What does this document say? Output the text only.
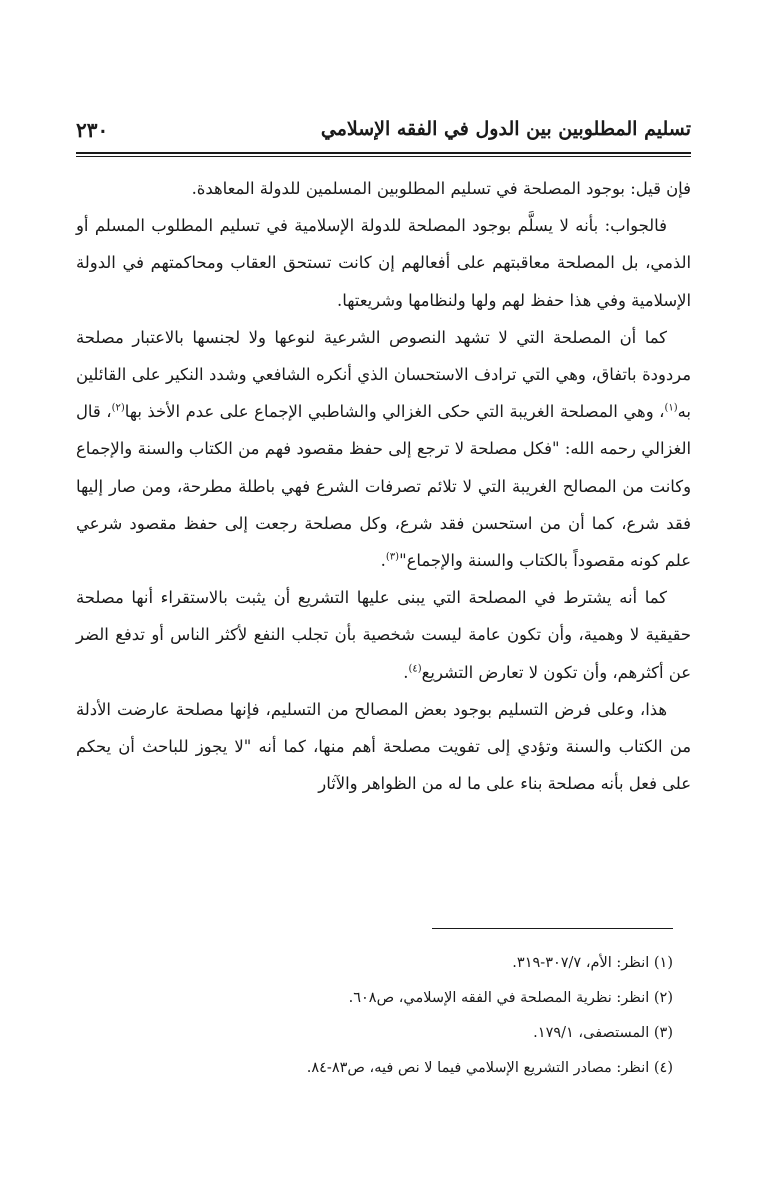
تسليم المطلوبين بين الدول في الفقه الإسلامي
٢٣٠

فإن قيل: بوجود المصلحة في تسليم المطلوبين المسلمين للدولة المعاهدة.

فالجواب: بأنه لا يسلَّم بوجود المصلحة للدولة الإسلامية في تسليم المطلوب المسلم أو الذمي، بل المصلحة معاقبتهم على أفعالهم إن كانت تستحق العقاب ومحاكمتهم في الدولة الإسلامية وفي هذا حفظ لهم ولها ولنظامها وشريعتها.

كما أن المصلحة التي لا تشهد النصوص الشرعية لنوعها ولا لجنسها بالاعتبار مصلحة مردودة باتفاق، وهي التي ترادف الاستحسان الذي أنكره الشافعي وشدد النكير على القائلين به$^{(١)}$، وهي المصلحة الغريبة التي حكى الغزالي والشاطبي الإجماع على عدم الأخذ بها$^{(٢)}$، قال الغزالي رحمه الله: "فكل مصلحة لا ترجع إلى حفظ مقصود فهم من الكتاب والسنة والإجماع وكانت من المصالح الغريبة التي لا تلائم تصرفات الشرع فهي باطلة مطرحة، ومن صار إليها فقد شرع، كما أن من استحسن فقد شرع، وكل مصلحة رجعت إلى حفظ مقصود شرعي علم كونه مقصوداً بالكتاب والسنة والإجماع"$^{(٣)}$.

كما أنه يشترط في المصلحة التي يبنى عليها التشريع أن يثبت بالاستقراء أنها مصلحة حقيقية لا وهمية، وأن تكون عامة ليست شخصية بأن تجلب النفع لأكثر الناس أو تدفع الضر عن أكثرهم، وأن تكون لا تعارض التشريع$^{(٤)}$.

هذا، وعلى فرض التسليم بوجود بعض المصالح من التسليم، فإنها مصلحة عارضت الأدلة من الكتاب والسنة وتؤدي إلى تفويت مصلحة أهم منها، كما أنه "لا يجوز للباحث أن يحكم على فعل بأنه مصلحة بناء على ما له من الظواهر والآثار

(١) انظر: الأم، ٣٠٧/٧-٣١٩.

(٢) انظر: نظرية المصلحة في الفقه الإسلامي، ص٦٠٨.

(٣) المستصفى، ١٧٩/١.

(٤) انظر: مصادر التشريع الإسلامي فيما لا نص فيه، ص٨٣-٨٤.
